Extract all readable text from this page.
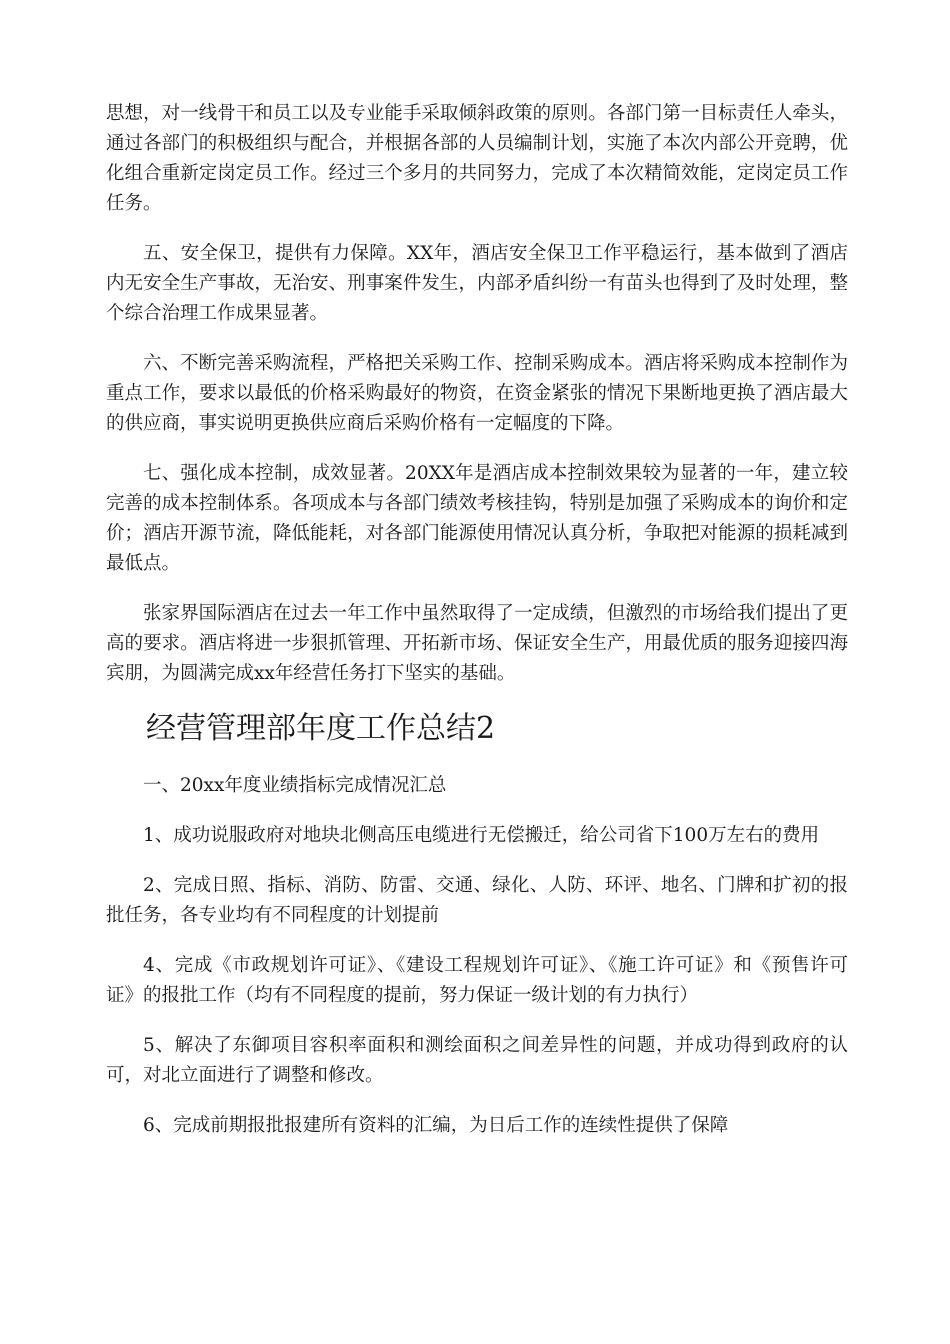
思想，对一线骨干和员工以及专业能手采取倾斜政策的原则。各部门第一目标责任人牵头，通过各部门的积极组织与配合，并根据各部的人员编制计划，实施了本次内部公开竞聘，优化组合重新定岗定员工作。经过三个多月的共同努力，完成了本次精简效能，定岗定员工作任务。

五、安全保卫，提供有力保障。XX年，酒店安全保卫工作平稳运行，基本做到了酒店内无安全生产事故，无治安、刑事案件发生，内部矛盾纠纷一有苗头也得到了及时处理，整个综合治理工作成果显著。

六、不断完善采购流程，严格把关采购工作、控制采购成本。酒店将采购成本控制作为重点工作，要求以最低的价格采购最好的物资，在资金紧张的情况下果断地更换了酒店最大的供应商，事实说明更换供应商后采购价格有一定幅度的下降。

七、强化成本控制，成效显著。20XX年是酒店成本控制效果较为显著的一年，建立较完善的成本控制体系。各项成本与各部门绩效考核挂钩，特别是加强了采购成本的询价和定价；酒店开源节流，降低能耗，对各部门能源使用情况认真分析，争取把对能源的损耗减到最低点。

张家界国际酒店在过去一年工作中虽然取得了一定成绩，但激烈的市场给我们提出了更高的要求。酒店将进一步狠抓管理、开拓新市场、保证安全生产，用最优质的服务迎接四海宾朋，为圆满完成xx年经营任务打下坚实的基础。

经营管理部年度工作总结2

一、20xx年度业绩指标完成情况汇总

1、成功说服政府对地块北侧高压电缆进行无偿搬迁，给公司省下100万左右的费用

2、完成日照、指标、消防、防雷、交通、绿化、人防、环评、地名、门牌和扩初的报批任务，各专业均有不同程度的计划提前

4、完成《市政规划许可证》、《建设工程规划许可证》、《施工许可证》和《预售许可证》的报批工作（均有不同程度的提前，努力保证一级计划的有力执行）

5、解决了东御项目容积率面积和测绘面积之间差异性的问题，并成功得到政府的认可，对北立面进行了调整和修改。

6、完成前期报批报建所有资料的汇编，为日后工作的连续性提供了保障
